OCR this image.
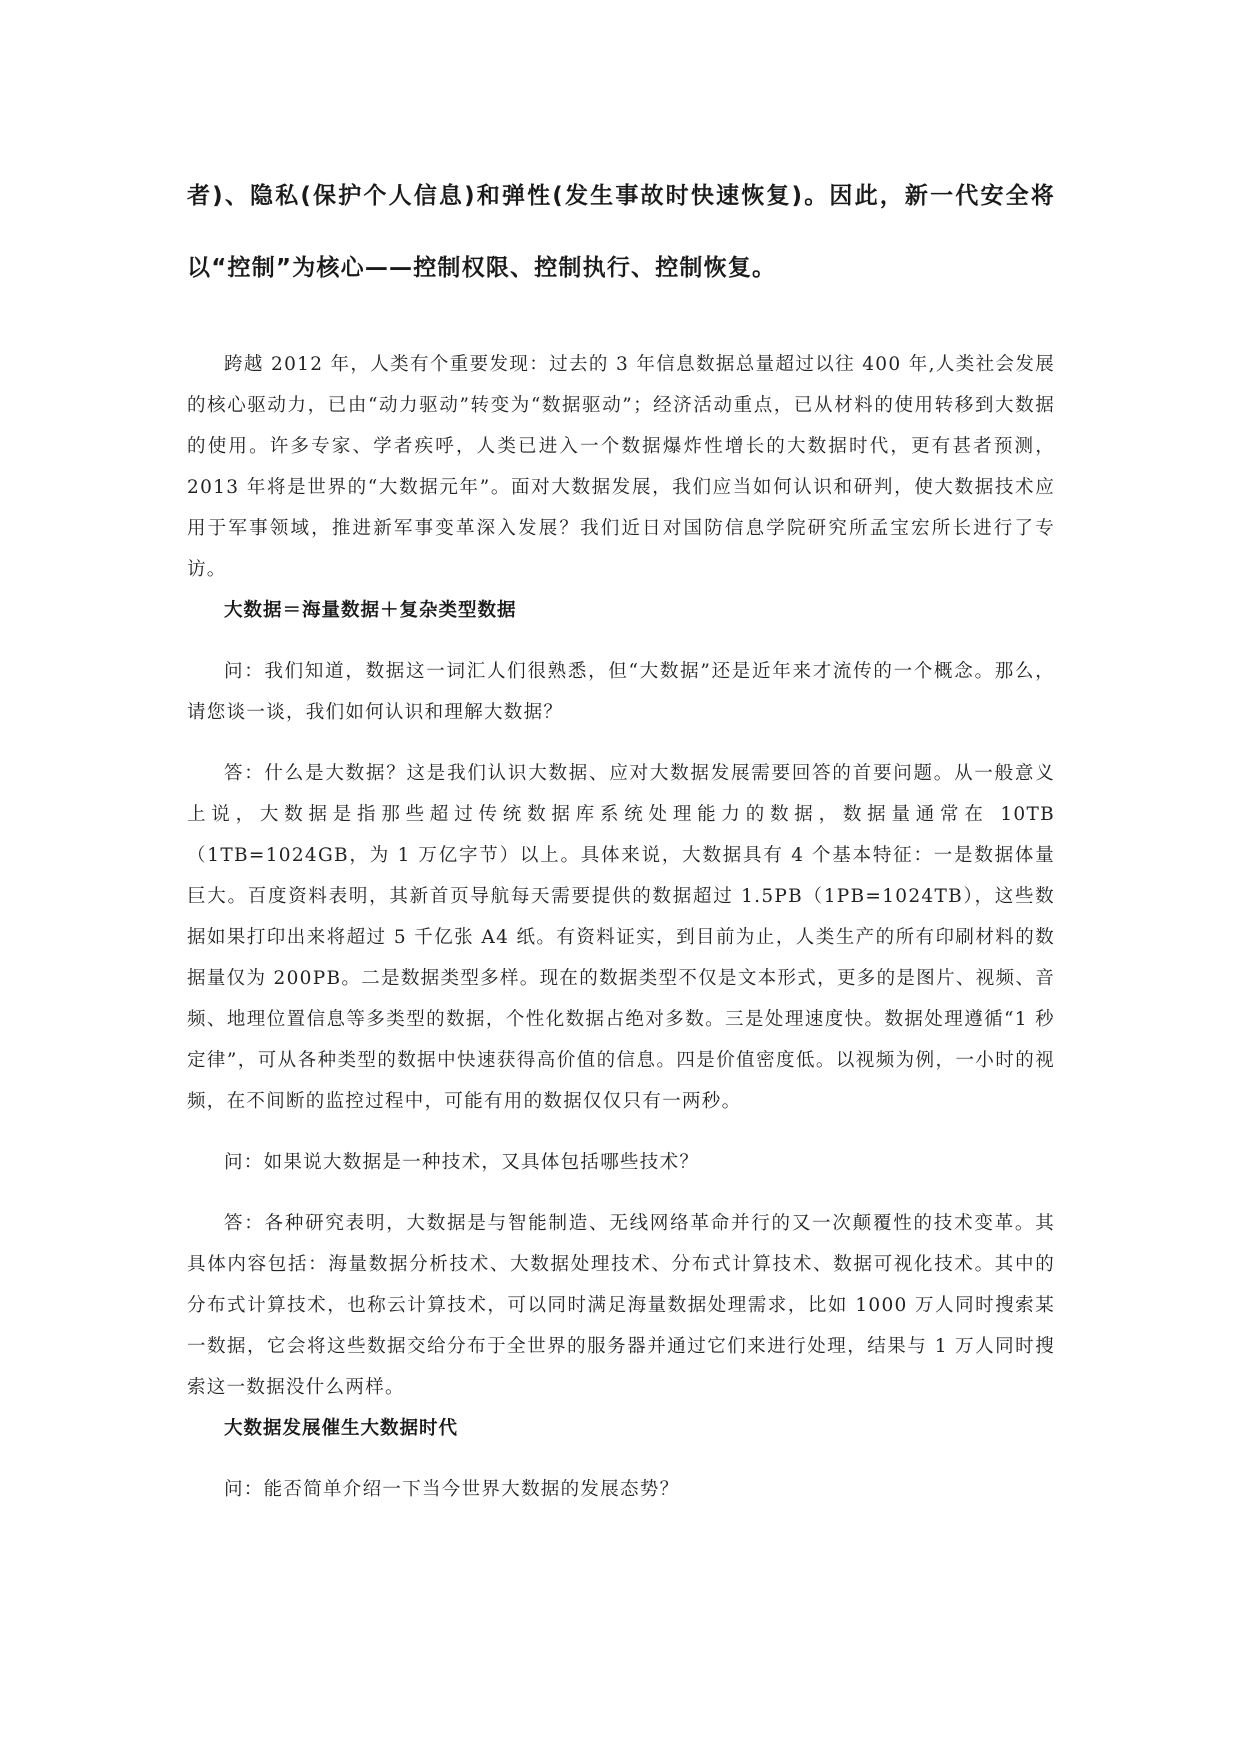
者)、隐私(保护个人信息)和弹性(发生事故时快速恢复)。因此，新一代安全将以“控制”为核心——控制权限、控制执行、控制恢复。

跨越 2012 年，人类有个重要发现：过去的 3 年信息数据总量超过以往 400 年,人类社会发展的核心驱动力，已由“动力驱动”转变为“数据驱动”；经济活动重点，已从材料的使用转移到大数据的使用。许多专家、学者疾呼，人类已进入一个数据爆炸性增长的大数据时代，更有甚者预测，2013 年将是世界的“大数据元年”。面对大数据发展，我们应当如何认识和研判，使大数据技术应用于军事领域，推进新军事变革深入发展？我们近日对国防信息学院研究所孟宝宏所长进行了专访。

大数据＝海量数据＋复杂类型数据

问：我们知道，数据这一词汇人们很熟悉，但“大数据”还是近年来才流传的一个概念。那么，请您谈一谈，我们如何认识和理解大数据？

答：什么是大数据？这是我们认识大数据、应对大数据发展需要回答的首要问题。从一般意义上说，大数据是指那些超过传统数据库系统处理能力的数据，数据量通常在 10TB（1TB=1024GB，为 1 万亿字节）以上。具体来说，大数据具有 4 个基本特征：一是数据体量巨大。百度资料表明，其新首页导航每天需要提供的数据超过 1.5PB（1PB=1024TB），这些数据如果打印出来将超过 5 千亿张 A4 纸。有资料证实，到目前为止，人类生产的所有印刷材料的数据量仅为 200PB。二是数据类型多样。现在的数据类型不仅是文本形式，更多的是图片、视频、音频、地理位置信息等多类型的数据，个性化数据占绝对多数。三是处理速度快。数据处理遵循“1 秒定律”，可从各种类型的数据中快速获得高价值的信息。四是价值密度低。以视频为例，一小时的视频，在不间断的监控过程中，可能有用的数据仅仅只有一两秒。

问：如果说大数据是一种技术，又具体包括哪些技术？

答：各种研究表明，大数据是与智能制造、无线网络革命并行的又一次颠覆性的技术变革。其具体内容包括：海量数据分析技术、大数据处理技术、分布式计算技术、数据可视化技术。其中的分布式计算技术，也称云计算技术，可以同时满足海量数据处理需求，比如 1000 万人同时搜索某一数据，它会将这些数据交给分布于全世界的服务器并通过它们来进行处理，结果与 1 万人同时搜索这一数据没什么两样。

大数据发展催生大数据时代

问：能否简单介绍一下当今世界大数据的发展态势？
